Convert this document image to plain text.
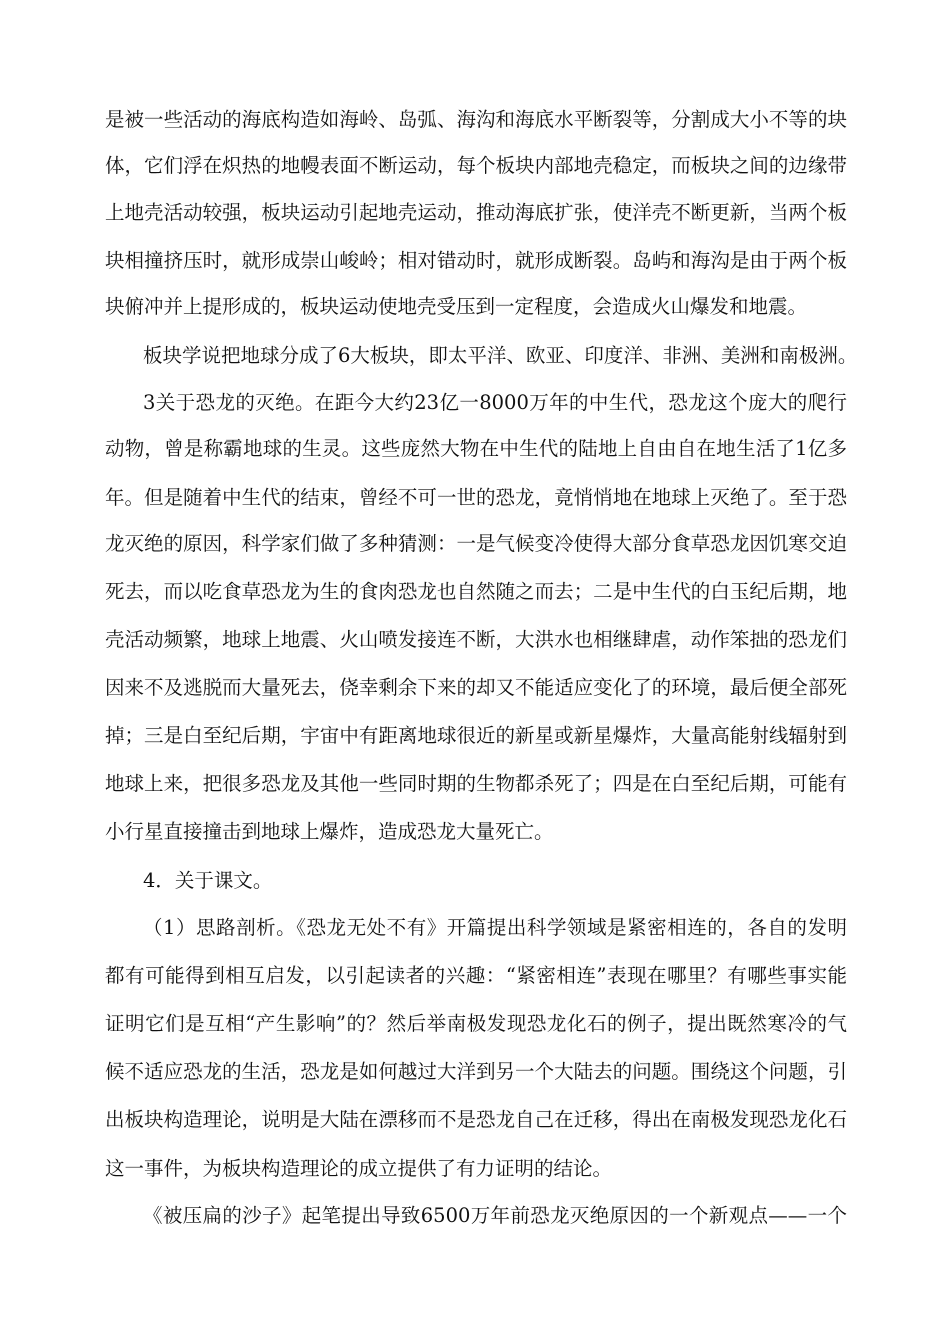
是被一些活动的海底构造如海岭、岛弧、海沟和海底水平断裂等，分割成大小不等的块
体，它们浮在炽热的地幔表面不断运动，每个板块内部地壳稳定，而板块之间的边缘带
上地壳活动较强，板块运动引起地壳运动，推动海底扩张，使洋壳不断更新，当两个板
块相撞挤压时，就形成崇山峻岭；相对错动时，就形成断裂。岛屿和海沟是由于两个板
块俯冲并上提形成的，板块运动使地壳受压到一定程度，会造成火山爆发和地震。
板块学说把地球分成了6大板块，即太平洋、欧亚、印度洋、非洲、美洲和南极洲。
3关于恐龙的灭绝。在距今大约23亿一8000万年的中生代，恐龙这个庞大的爬行
动物，曾是称霸地球的生灵。这些庞然大物在中生代的陆地上自由自在地生活了1亿多
年。但是随着中生代的结束，曾经不可一世的恐龙，竟悄悄地在地球上灭绝了。至于恐
龙灭绝的原因，科学家们做了多种猜测：一是气候变冷使得大部分食草恐龙因饥寒交迫
死去，而以吃食草恐龙为生的食肉恐龙也自然随之而去；二是中生代的白玉纪后期，地
壳活动频繁，地球上地震、火山喷发接连不断，大洪水也相继肆虐，动作笨拙的恐龙们
因来不及逃脱而大量死去，侥幸剩余下来的却又不能适应变化了的环境，最后便全部死
掉；三是白至纪后期，宇宙中有距离地球很近的新星或新星爆炸，大量高能射线辐射到
地球上来，把很多恐龙及其他一些同时期的生物都杀死了；四是在白至纪后期，可能有
小行星直接撞击到地球上爆炸，造成恐龙大量死亡。
4．关于课文。
（1）思路剖析。《恐龙无处不有》开篇提出科学领域是紧密相连的，各自的发明
都有可能得到相互启发，以引起读者的兴趣：“紧密相连”表现在哪里？有哪些事实能
证明它们是互相“产生影响”的？然后举南极发现恐龙化石的例子，提出既然寒冷的气
候不适应恐龙的生活，恐龙是如何越过大洋到另一个大陆去的问题。围绕这个问题，引
出板块构造理论，说明是大陆在漂移而不是恐龙自己在迁移，得出在南极发现恐龙化石
这一事件，为板块构造理论的成立提供了有力证明的结论。
《被压扁的沙子》起笔提出导致6500万年前恐龙灭绝原因的一个新观点——一个
